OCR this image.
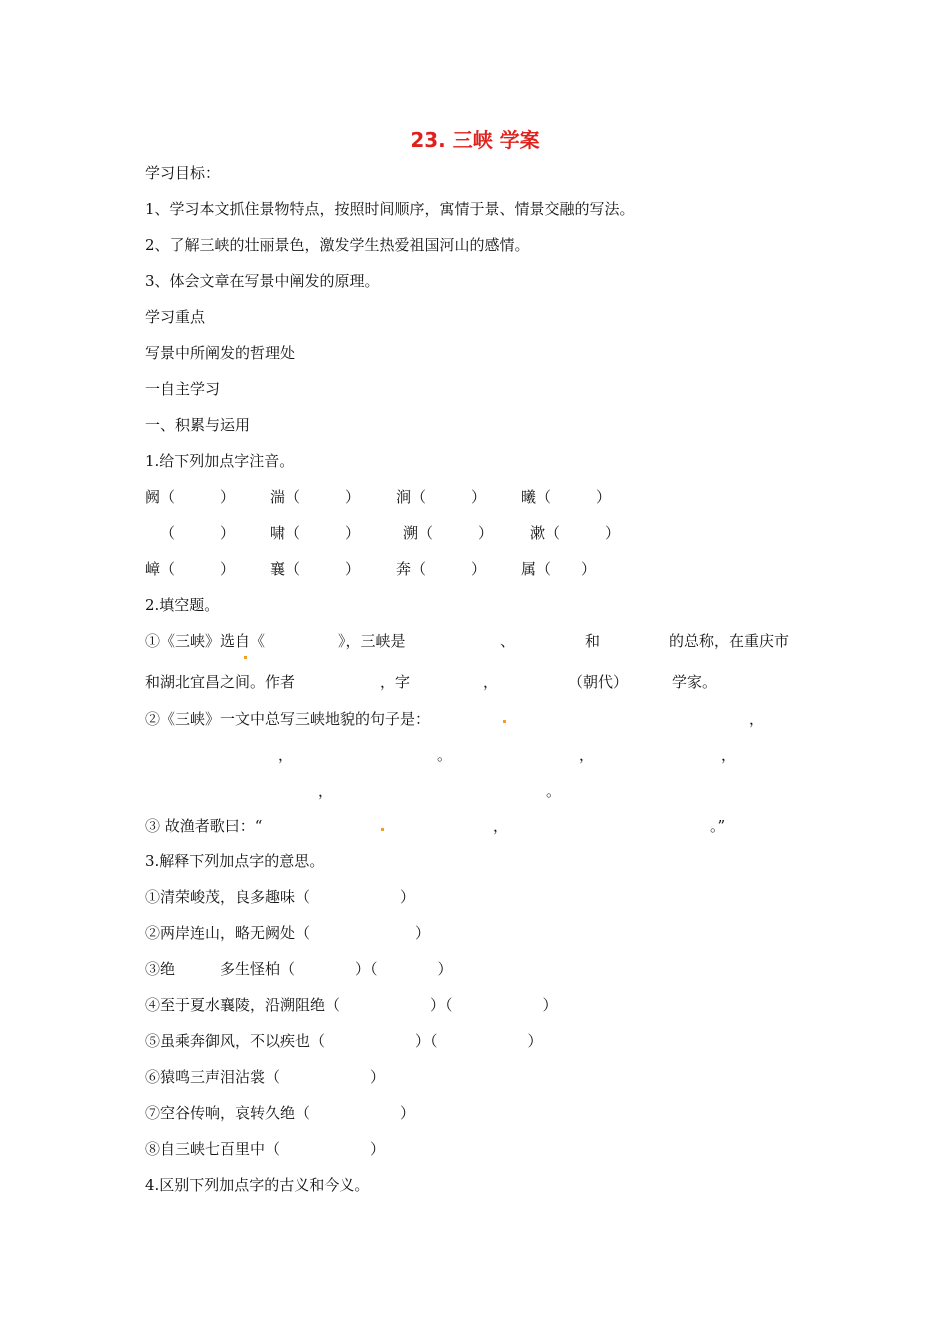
23. 三峡 学案
学习目标：
1、学习本文抓住景物特点，按照时间顺序，寓情于景、情景交融的写法。
2、了解三峡的壮丽景色，激发学生热爱祖国河山的感情。
3、体会文章在写景中阐发的原理。
学习重点
写景中所阐发的哲理处
一自主学习
一、积累与运用
1.给下列加点字注音。
阙（　　　） 湍（　　　） 涧（　　　） 曦（　　　）
（　　　） 啸（　　　）	溯（　　　） 漱（　　　）
嶂（　　　） 襄（　　　） 奔（　　　） 属（　　）
2.填空题。
①《三峡》选自《	》，三峡是	、	和	的总称，在重庆市
和湖北宜昌之间。作者	，字	，	（朝代）	学家。
②《三峡》一文中总写三峡地貌的句子是：	，
，	。	，	，
，	。
③ 故渔者歌曰：“	，	。”
3.解释下列加点字的意思。
①清荣峻茂，良多趣味（　　　　　　）
②两岸连山，略无阙处（　　　　　　　）
③绝　　　多生怪柏（　　　　）（　　　　）
④至于夏水襄陵，沿溯阻绝（　　　　　　）（　　　　　　）
⑤虽乘奔御风，不以疾也（　　　　　　）（　　　　　　）
⑥猿鸣三声泪沾裳（　　　　　　）
⑦空谷传响，哀转久绝（　　　　　　）
⑧自三峡七百里中（　　　　　　）
4.区别下列加点字的古义和今义。
